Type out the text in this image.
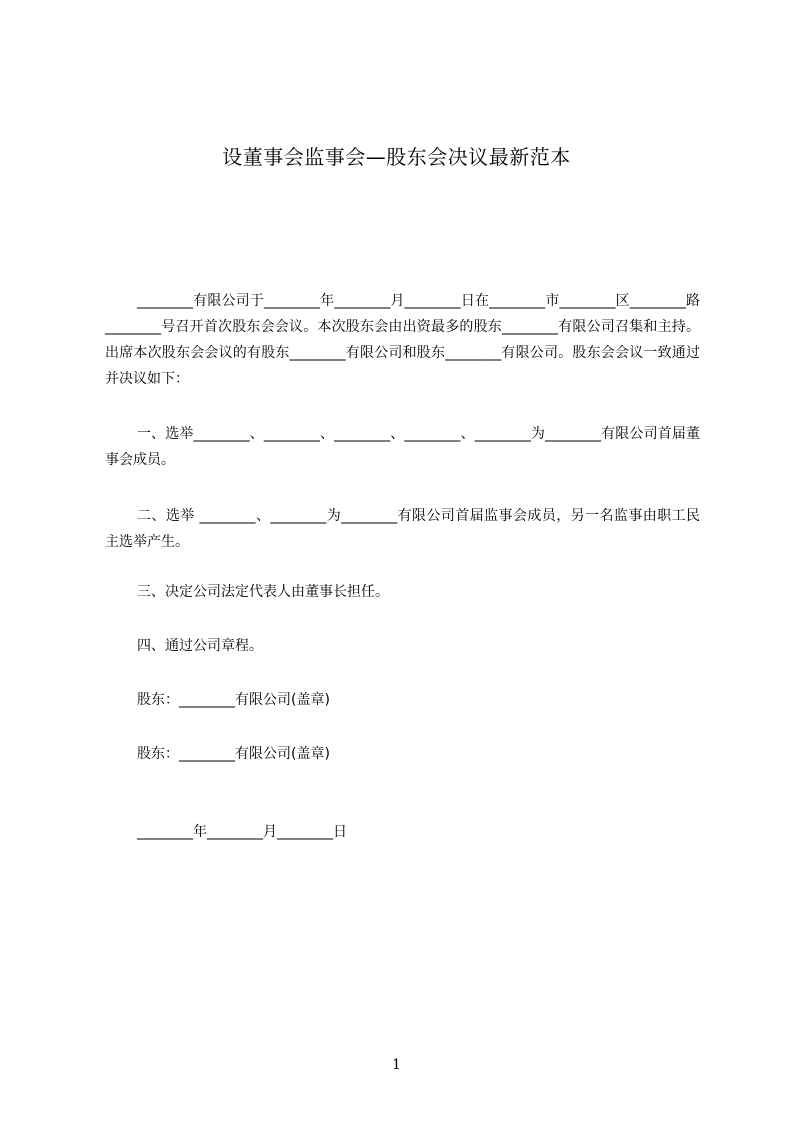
设董事会监事会—股东会决议最新范本
________有限公司于________年________月________日在________市________区________路________号召开首次股东会会议。本次股东会由出资最多的股东________有限公司召集和主持。出席本次股东会会议的有股东________有限公司和股东________有限公司。股东会会议一致通过并决议如下：
一、选举________、________、________、________、________为________有限公司首届董事会成员。
二、选举 ________、________为________有限公司首届监事会成员，另一名监事由职工民主选举产生。
三、决定公司法定代表人由董事长担任。
四、通过公司章程。
股东：________有限公司(盖章)
股东：________有限公司(盖章)
________年________月________日
1
